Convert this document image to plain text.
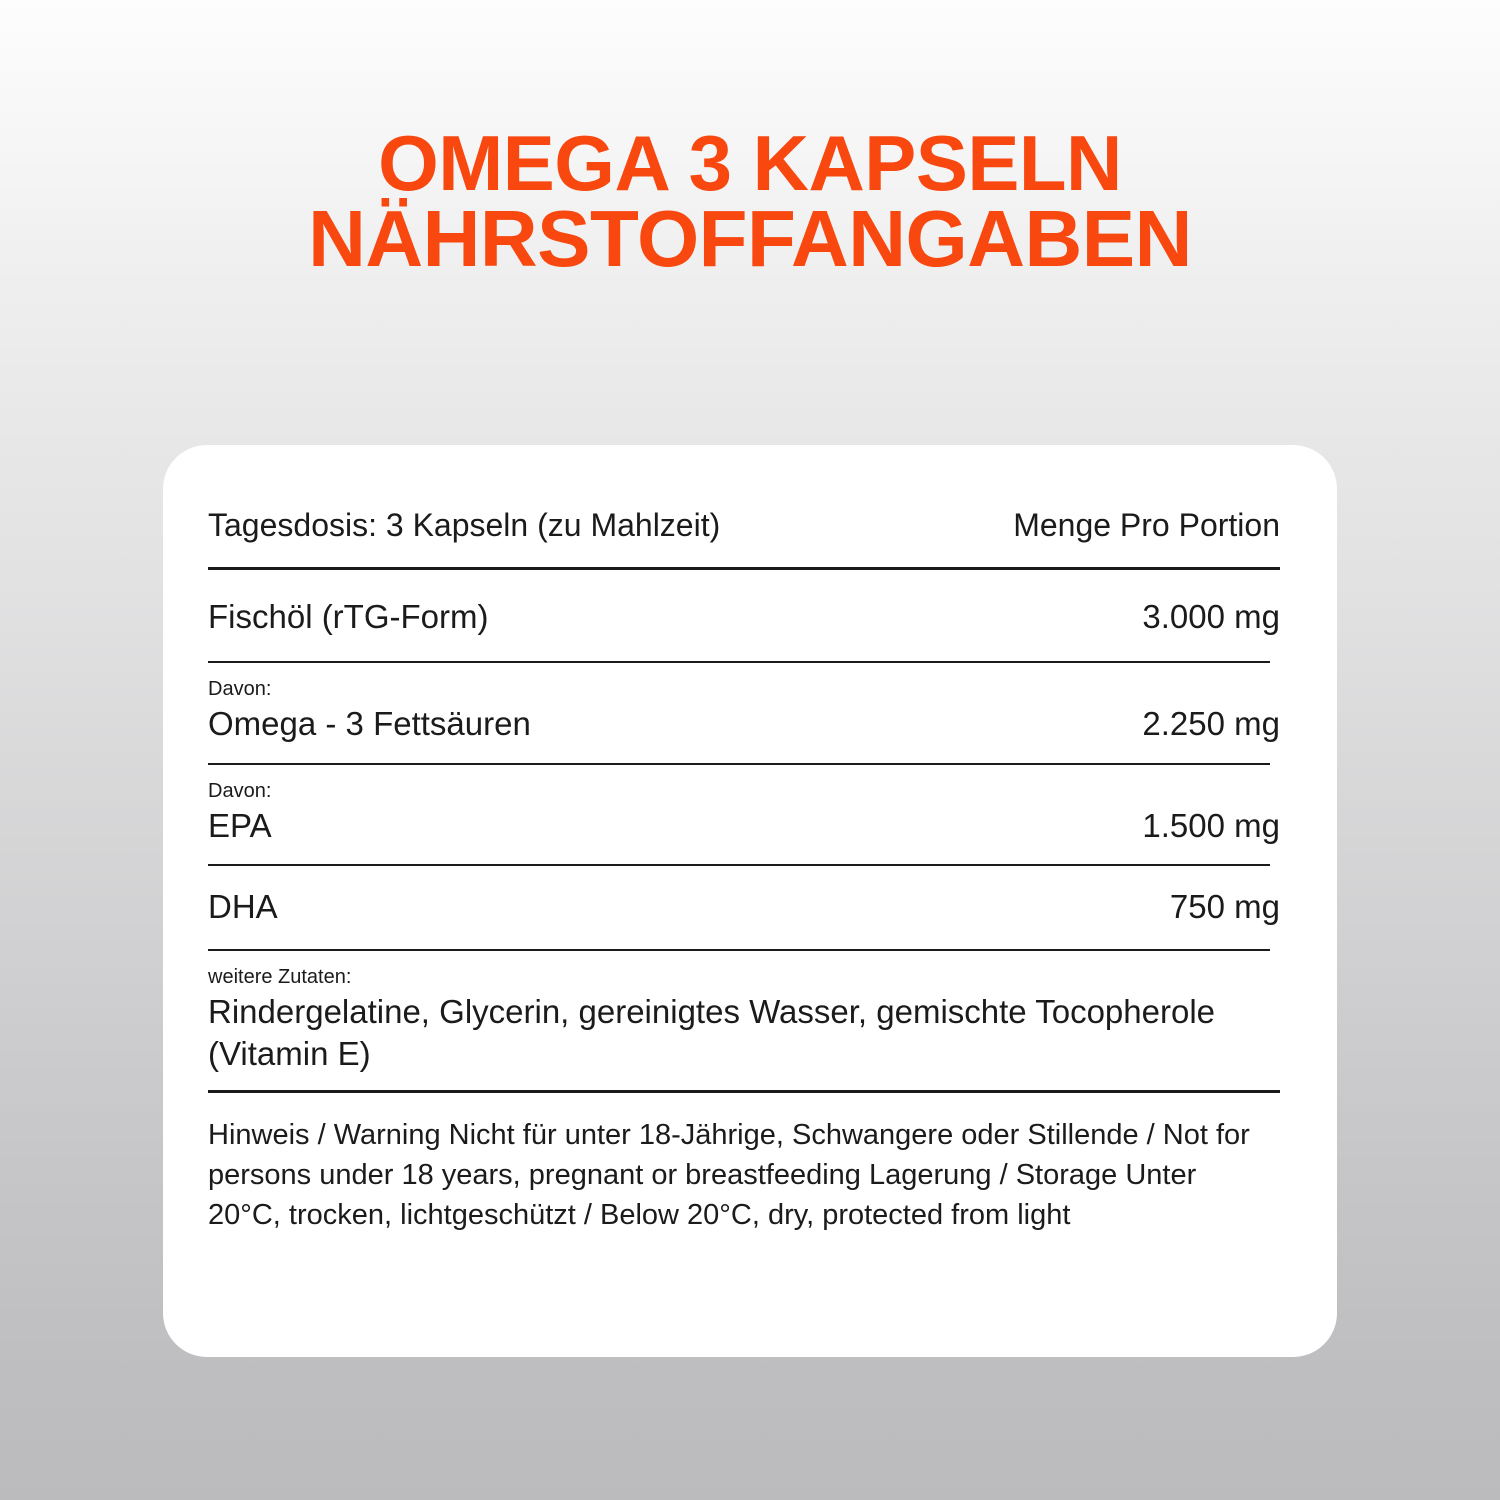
OMEGA 3 KAPSELN
NÄHRSTOFFANGABEN
Tagesdosis: 3 Kapseln (zu Mahlzeit)	Menge Pro Portion
Fischöl (rTG-Form)	3.000 mg
Davon:
Omega - 3 Fettsäuren	2.250 mg
Davon:
EPA	1.500 mg
DHA	750 mg
weitere Zutaten:
Rindergelatine, Glycerin, gereinigtes Wasser, gemischte Tocopherole (Vitamin E)
Hinweis / Warning Nicht für unter 18-Jährige, Schwangere oder Stillende / Not for persons under 18 years, pregnant or breastfeeding Lagerung / Storage Unter 20°C, trocken, lichtgeschützt / Below 20°C, dry, protected from light
